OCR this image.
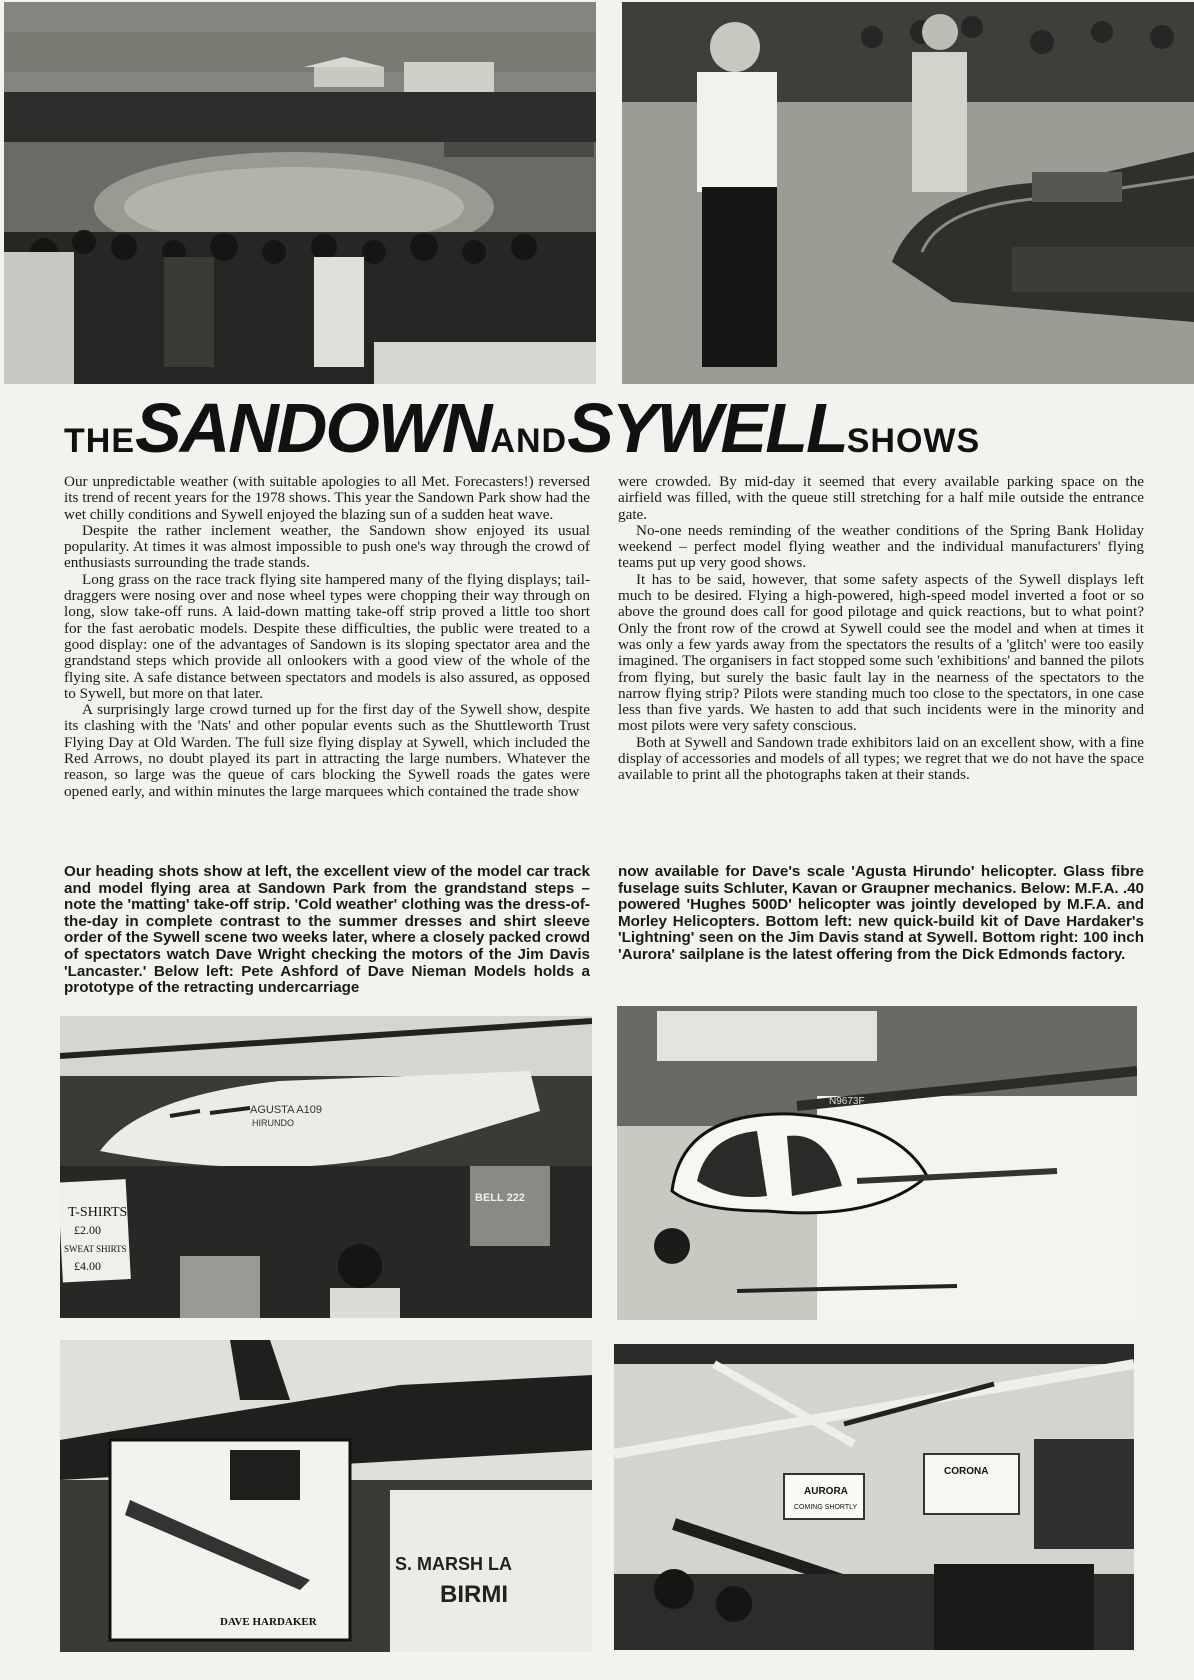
THESANDOWNANDSYWELLSHOWS

Our unpredictable weather (with suitable apologies to all Met. Forecasters!) reversed its trend of recent years for the 1978 shows. This year the Sandown Park show had the wet chilly conditions and Sywell enjoyed the blazing sun of a sudden heat wave.

Despite the rather inclement weather, the Sandown show enjoyed its usual popularity. At times it was almost impossible to push one's way through the crowd of enthusiasts surrounding the trade stands.

Long grass on the race track flying site hampered many of the flying displays; tail-draggers were nosing over and nose wheel types were chopping their way through on long, slow take-off runs. A laid-down matting take-off strip proved a little too short for the fast aerobatic models. Despite these difficulties, the public were treated to a good display: one of the advantages of Sandown is its sloping spectator area and the grandstand steps which provide all onlookers with a good view of the whole of the flying site. A safe distance between spectators and models is also assured, as opposed to Sywell, but more on that later.

A surprisingly large crowd turned up for the first day of the Sywell show, despite its clashing with the 'Nats' and other popular events such as the Shuttleworth Trust Flying Day at Old Warden. The full size flying display at Sywell, which included the Red Arrows, no doubt played its part in attracting the large numbers. Whatever the reason, so large was the queue of cars blocking the Sywell roads the gates were opened early, and within minutes the large marquees which contained the trade show

were crowded. By mid-day it seemed that every available parking space on the airfield was filled, with the queue still stretching for a half mile outside the entrance gate.

No-one needs reminding of the weather conditions of the Spring Bank Holiday weekend – perfect model flying weather and the individual manufacturers' flying teams put up very good shows.

It has to be said, however, that some safety aspects of the Sywell displays left much to be desired. Flying a high-powered, high-speed model inverted a foot or so above the ground does call for good pilotage and quick reactions, but to what point? Only the front row of the crowd at Sywell could see the model and when at times it was only a few yards away from the spectators the results of a 'glitch' were too easily imagined. The organisers in fact stopped some such 'exhibitions' and banned the pilots from flying, but surely the basic fault lay in the nearness of the spectators to the narrow flying strip? Pilots were standing much too close to the spectators, in one case less than five yards. We hasten to add that such incidents were in the minority and most pilots were very safety conscious.

Both at Sywell and Sandown trade exhibitors laid on an excellent show, with a fine display of accessories and models of all types; we regret that we do not have the space available to print all the photographs taken at their stands.

Our heading shots show at left, the excellent view of the model car track and model flying area at Sandown Park from the grandstand steps – note the 'matting' take-off strip. 'Cold weather' clothing was the dress-of-the-day in complete contrast to the summer dresses and shirt sleeve order of the Sywell scene two weeks later, where a closely packed crowd of spectators watch Dave Wright checking the motors of the Jim Davis 'Lancaster.' Below left: Pete Ashford of Dave Nieman Models holds a prototype of the retracting undercarriage
now available for Dave's scale 'Agusta Hirundo' helicopter. Glass fibre fuselage suits Schluter, Kavan or Graupner mechanics. Below: M.F.A. .40 powered 'Hughes 500D' helicopter was jointly developed by M.F.A. and Morley Helicopters. Bottom left: new quick-build kit of Dave Hardaker's 'Lightning' seen on the Jim Davis stand at Sywell. Bottom right: 100 inch 'Aurora' sailplane is the latest offering from the Dick Edmonds factory.
AGUSTA A109
HIRUNDO
T-SHIRTS
£2.00
SWEAT SHIRTS
£4.00
BELL 222
N9673F
DAVE HARDAKER
S. MARSH LA
BIRMI
AURORA
COMING SHORTLY
CORONA
